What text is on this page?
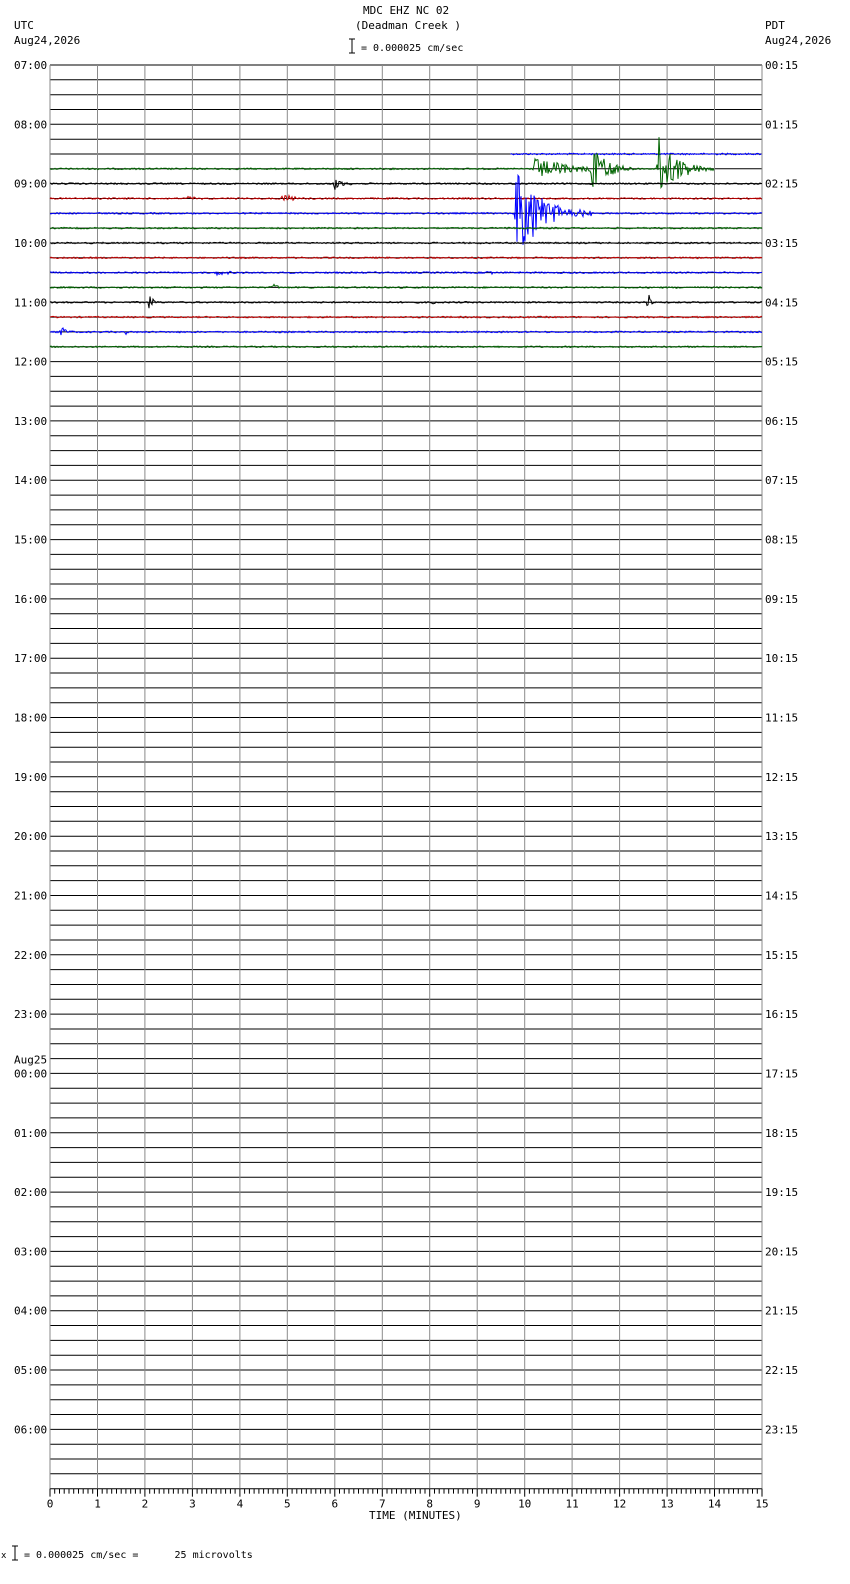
MDC EHZ NC 02
(Deadman Creek )
= 0.000025 cm/sec
UTC
Aug24,2026
PDT
Aug24,2026
TIME (MINUTES)
x = 0.000025 cm/sec =      25 microvolts
0	1	2	3	4	5	6	7	8	9	10	11	12	13	14	15
07:00	00:15
08:00	01:15
09:00	02:15
10:00	03:15
11:00	04:15
12:00	05:15
13:00	06:15
14:00	07:15
15:00	08:15
16:00	09:15
17:00	10:15
18:00	11:15
19:00	12:15
20:00	13:15
21:00	14:15
22:00	15:15
23:00	16:15
00:00	17:15
Aug25
01:00	18:15
02:00	19:15
03:00	20:15
04:00	21:15
05:00	22:15
06:00	23:15
